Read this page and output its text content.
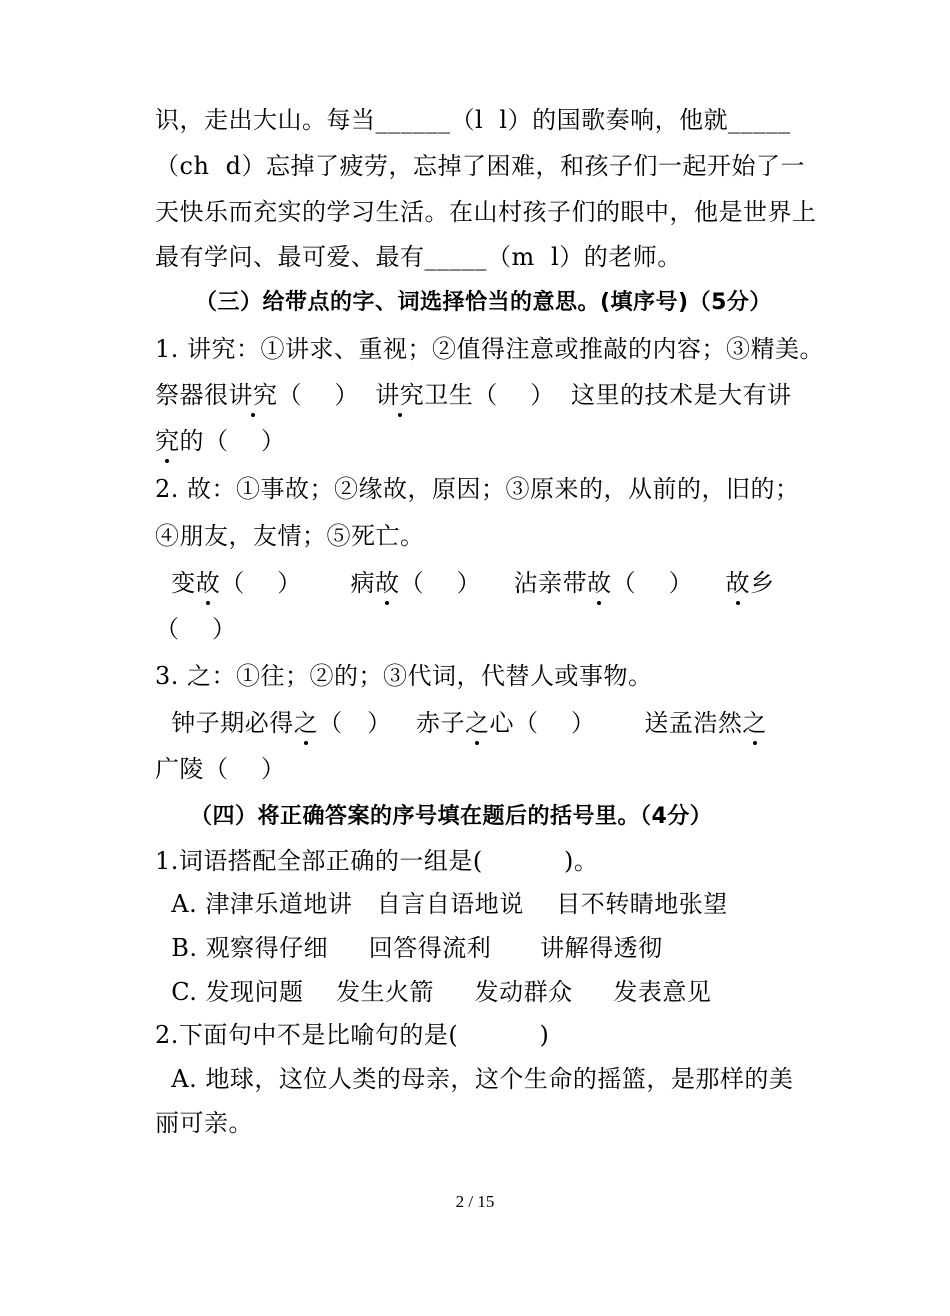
识，走出大山。每当______（l  l）的国歌奏响，他就_____
（ch  d）忘掉了疲劳，忘掉了困难，和孩子们一起开始了一
天快乐而充实的学习生活。在山村孩子们的眼中，他是世界上
最有学问、最可爱、最有_____（m  l）的老师。
（三）给带点的字、词选择恰当的意思。(填序号)（5分）
1. 讲究：①讲求、重视；②值得注意或推敲的内容；③精美。
祭器很讲究（    ）  讲究卫生（    ）  这里的技术是大有讲
究的（    ）
2. 故：①事故；②缘故，原因；③原来的，从前的，旧的；
④朋友，友情；⑤死亡。
变故（    ）      病故（    ）    沾亲带故（    ）    故乡
（    ）
3. 之：①往；②的；③代词，代替人或事物。
钟子期必得之（   ）   赤子之心（    ）      送孟浩然之
广陵（    ）
（四）将正确答案的序号填在题后的括号里。（4分）
1.词语搭配全部正确的一组是(          )。
A. 津津乐道地讲   自言自语地说    目不转睛地张望
B. 观察得仔细     回答得流利      讲解得透彻
C. 发现问题    发生火箭     发动群众     发表意见
2.下面句中不是比喻句的是(          )
A. 地球，这位人类的母亲，这个生命的摇篮，是那样的美
丽可亲。
2 / 15
